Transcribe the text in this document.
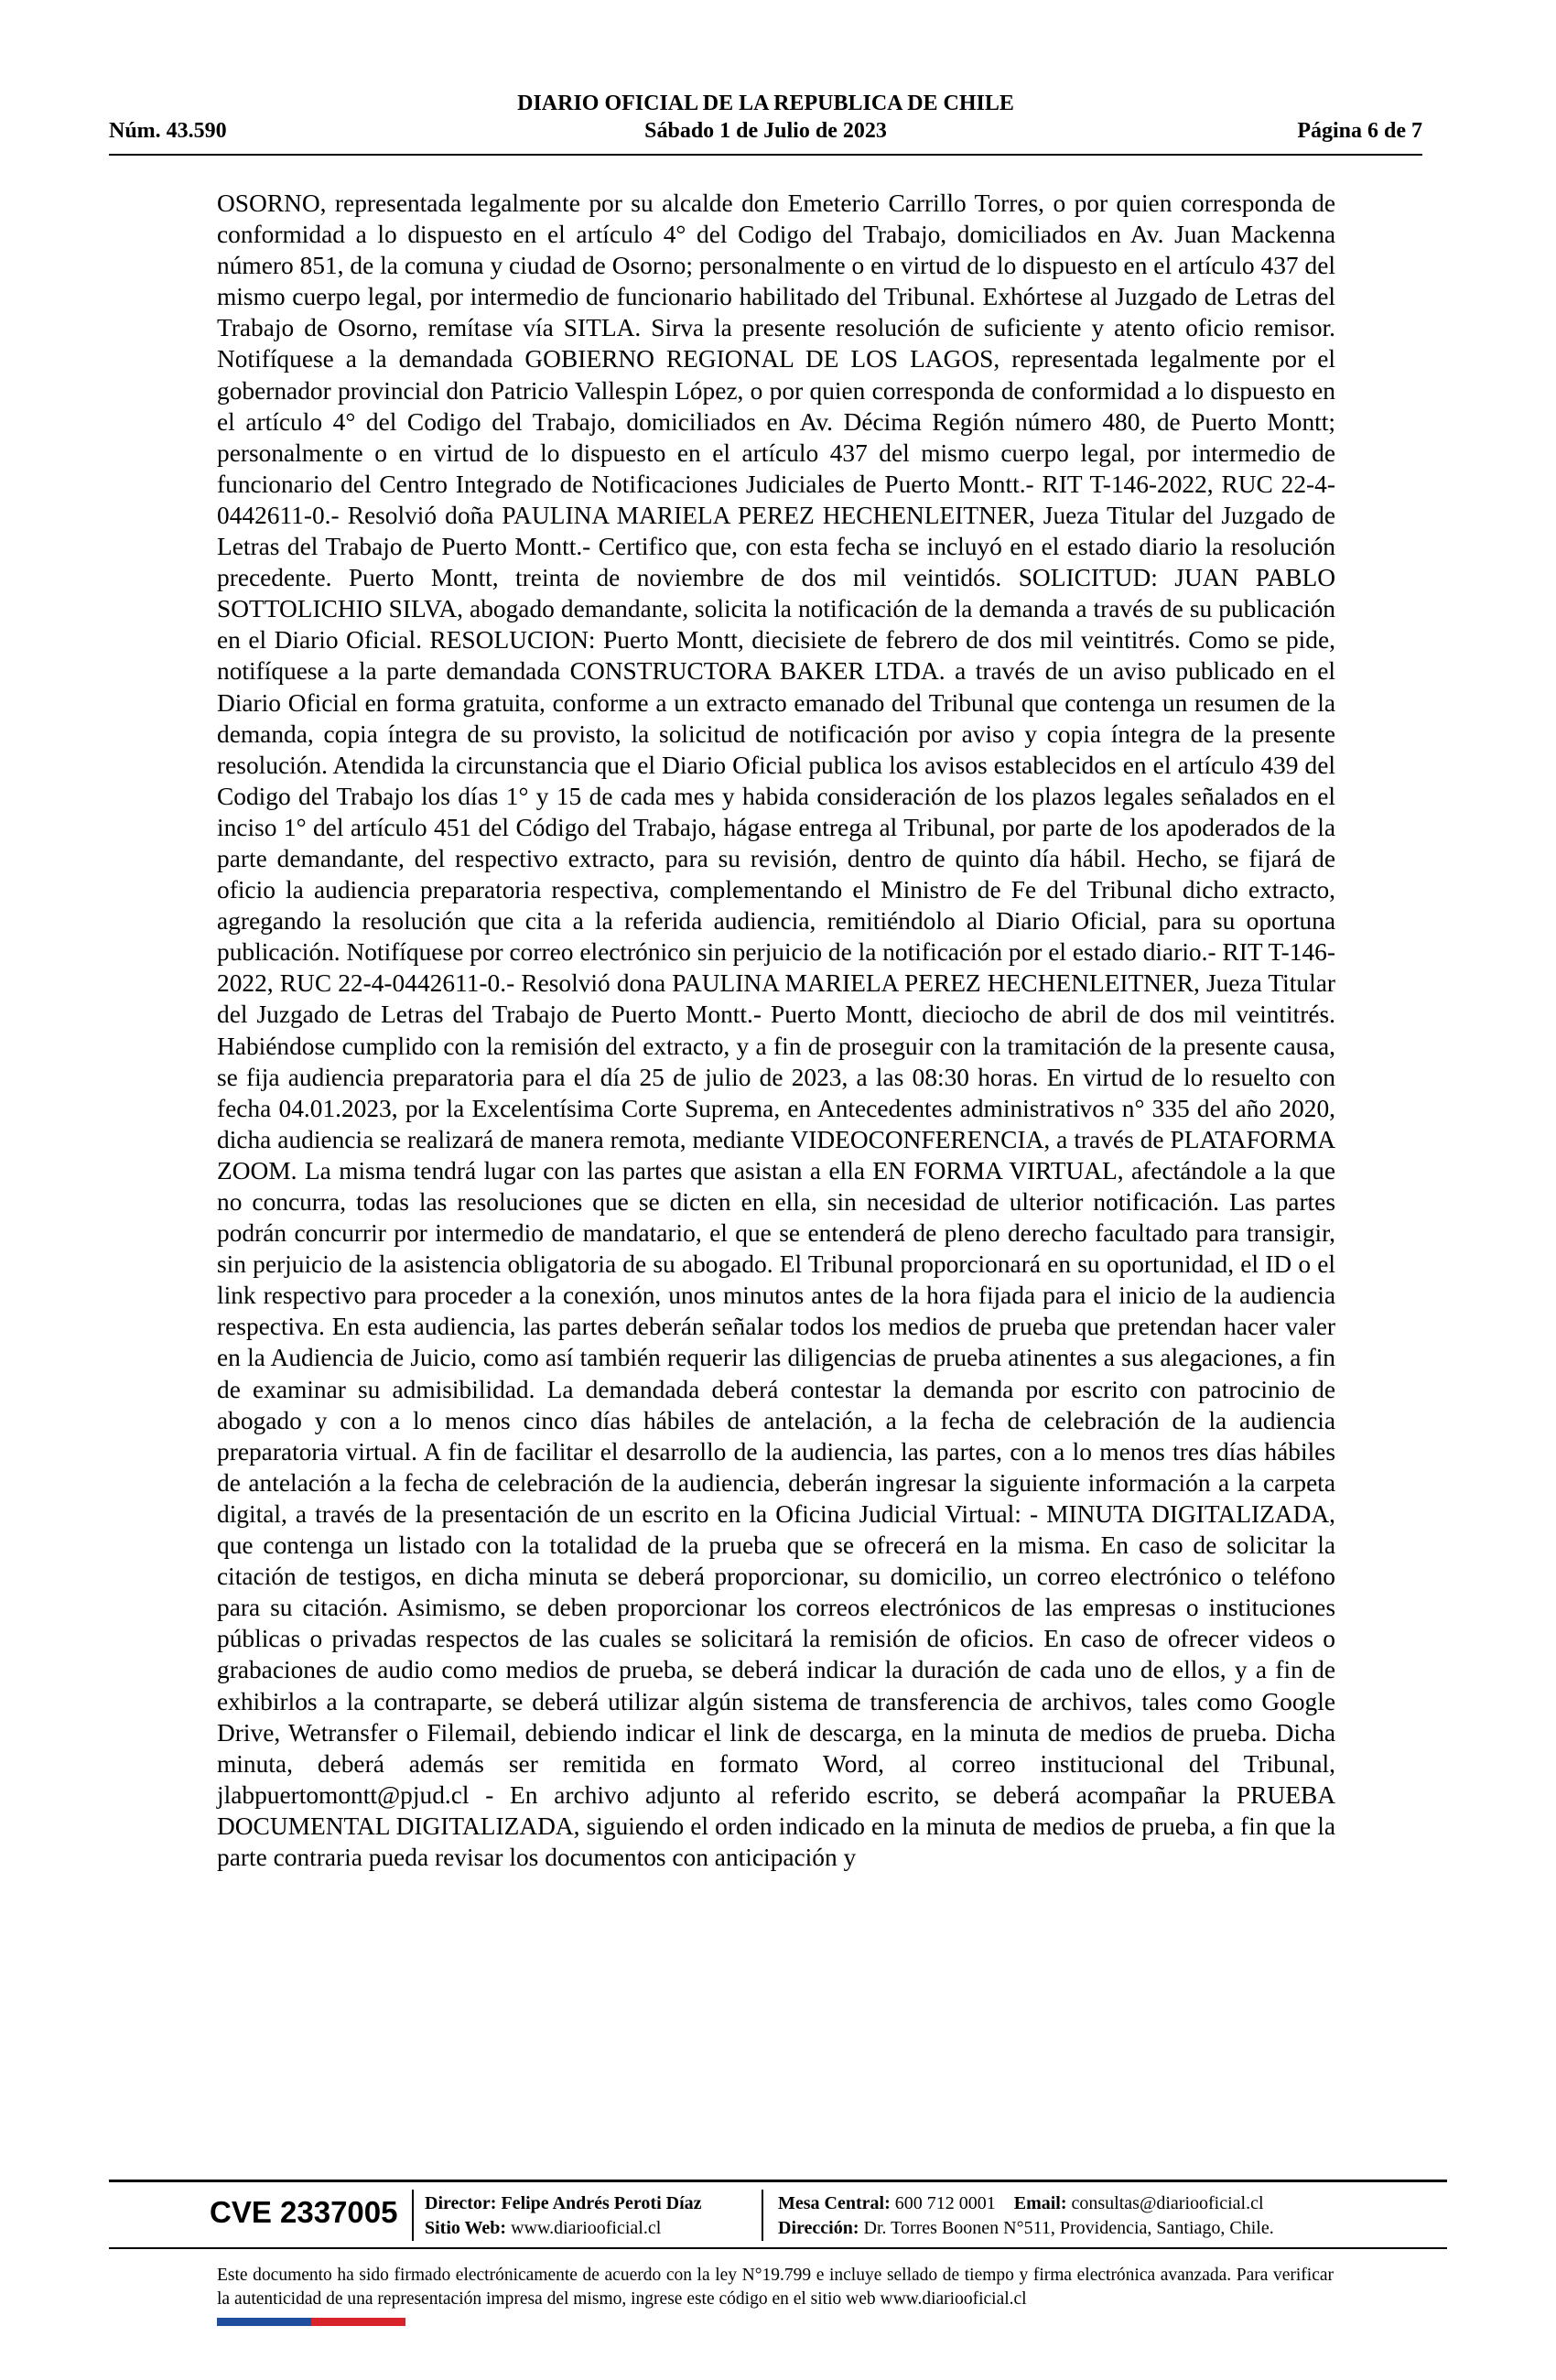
DIARIO OFICIAL DE LA REPUBLICA DE CHILE
Núm. 43.590	Sábado 1 de Julio de 2023	Página 6 de 7

OSORNO, representada legalmente por su alcalde don Emeterio Carrillo Torres, o por quien corresponda de conformidad a lo dispuesto en el artículo 4° del Codigo del Trabajo, domiciliados en Av. Juan Mackenna número 851, de la comuna y ciudad de Osorno; personalmente o en virtud de lo dispuesto en el artículo 437 del mismo cuerpo legal, por intermedio de funcionario habilitado del Tribunal. Exhórtese al Juzgado de Letras del Trabajo de Osorno, remítase vía SITLA. Sirva la presente resolución de suficiente y atento oficio remisor. Notifíquese a la demandada GOBIERNO REGIONAL DE LOS LAGOS, representada legalmente por el gobernador provincial don Patricio Vallespin López, o por quien corresponda de conformidad a lo dispuesto en el artículo 4° del Codigo del Trabajo, domiciliados en Av. Décima Región número 480, de Puerto Montt; personalmente o en virtud de lo dispuesto en el artículo 437 del mismo cuerpo legal, por intermedio de funcionario del Centro Integrado de Notificaciones Judiciales de Puerto Montt.- RIT T-146-2022, RUC 22-4-0442611-0.- Resolvió doña PAULINA MARIELA PEREZ HECHENLEITNER, Jueza Titular del Juzgado de Letras del Trabajo de Puerto Montt.- Certifico que, con esta fecha se incluyó en el estado diario la resolución precedente. Puerto Montt, treinta de noviembre de dos mil veintidós. SOLICITUD: JUAN PABLO SOTTOLICHIO SILVA, abogado demandante, solicita la notificación de la demanda a través de su publicación en el Diario Oficial. RESOLUCION: Puerto Montt, diecisiete de febrero de dos mil veintitrés. Como se pide, notifíquese a la parte demandada CONSTRUCTORA BAKER LTDA. a través de un aviso publicado en el Diario Oficial en forma gratuita, conforme a un extracto emanado del Tribunal que contenga un resumen de la demanda, copia íntegra de su provisto, la solicitud de notificación por aviso y copia íntegra de la presente resolución. Atendida la circunstancia que el Diario Oficial publica los avisos establecidos en el artículo 439 del Codigo del Trabajo los días 1° y 15 de cada mes y habida consideración de los plazos legales señalados en el inciso 1° del artículo 451 del Código del Trabajo, hágase entrega al Tribunal, por parte de los apoderados de la parte demandante, del respectivo extracto, para su revisión, dentro de quinto día hábil. Hecho, se fijará de oficio la audiencia preparatoria respectiva, complementando el Ministro de Fe del Tribunal dicho extracto, agregando la resolución que cita a la referida audiencia, remitiéndolo al Diario Oficial, para su oportuna publicación. Notifíquese por correo electrónico sin perjuicio de la notificación por el estado diario.- RIT T-146-2022, RUC 22-4-0442611-0.- Resolvió dona PAULINA MARIELA PEREZ HECHENLEITNER, Jueza Titular del Juzgado de Letras del Trabajo de Puerto Montt.- Puerto Montt, dieciocho de abril de dos mil veintitrés. Habiéndose cumplido con la remisión del extracto, y a fin de proseguir con la tramitación de la presente causa, se fija audiencia preparatoria para el día 25 de julio de 2023, a las 08:30 horas. En virtud de lo resuelto con fecha 04.01.2023, por la Excelentísima Corte Suprema, en Antecedentes administrativos n° 335 del año 2020, dicha audiencia se realizará de manera remota, mediante VIDEOCONFERENCIA, a través de PLATAFORMA ZOOM. La misma tendrá lugar con las partes que asistan a ella EN FORMA VIRTUAL, afectándole a la que no concurra, todas las resoluciones que se dicten en ella, sin necesidad de ulterior notificación. Las partes podrán concurrir por intermedio de mandatario, el que se entenderá de pleno derecho facultado para transigir, sin perjuicio de la asistencia obligatoria de su abogado. El Tribunal proporcionará en su oportunidad, el ID o el link respectivo para proceder a la conexión, unos minutos antes de la hora fijada para el inicio de la audiencia respectiva. En esta audiencia, las partes deberán señalar todos los medios de prueba que pretendan hacer valer en la Audiencia de Juicio, como así también requerir las diligencias de prueba atinentes a sus alegaciones, a fin de examinar su admisibilidad. La demandada deberá contestar la demanda por escrito con patrocinio de abogado y con a lo menos cinco días hábiles de antelación, a la fecha de celebración de la audiencia preparatoria virtual. A fin de facilitar el desarrollo de la audiencia, las partes, con a lo menos tres días hábiles de antelación a la fecha de celebración de la audiencia, deberán ingresar la siguiente información a la carpeta digital, a través de la presentación de un escrito en la Oficina Judicial Virtual: - MINUTA DIGITALIZADA, que contenga un listado con la totalidad de la prueba que se ofrecerá en la misma. En caso de solicitar la citación de testigos, en dicha minuta se deberá proporcionar, su domicilio, un correo electrónico o teléfono para su citación. Asimismo, se deben proporcionar los correos electrónicos de las empresas o instituciones públicas o privadas respectos de las cuales se solicitará la remisión de oficios. En caso de ofrecer videos o grabaciones de audio como medios de prueba, se deberá indicar la duración de cada uno de ellos, y a fin de exhibirlos a la contraparte, se deberá utilizar algún sistema de transferencia de archivos, tales como Google Drive, Wetransfer o Filemail, debiendo indicar el link de descarga, en la minuta de medios de prueba. Dicha minuta, deberá además ser remitida en formato Word, al correo institucional del Tribunal, jlabpuertomontt@pjud.cl - En archivo adjunto al referido escrito, se deberá acompañar la PRUEBA DOCUMENTAL DIGITALIZADA, siguiendo el orden indicado en la minuta de medios de prueba, a fin que la parte contraria pueda revisar los documentos con anticipación y

CVE 2337005 Director: Felipe Andrés Peroti Díaz
Sitio Web: www.diariooficial.cl
Mesa Central: 600 712 0001 Email: consultas@diariooficial.cl
Dirección: Dr. Torres Boonen N°511, Providencia, Santiago, Chile.
Este documento ha sido firmado electrónicamente de acuerdo con la ley N°19.799 e incluye sellado de tiempo y firma electrónica avanzada. Para verificar la autenticidad de una representación impresa del mismo, ingrese este código en el sitio web www.diariooficial.cl
